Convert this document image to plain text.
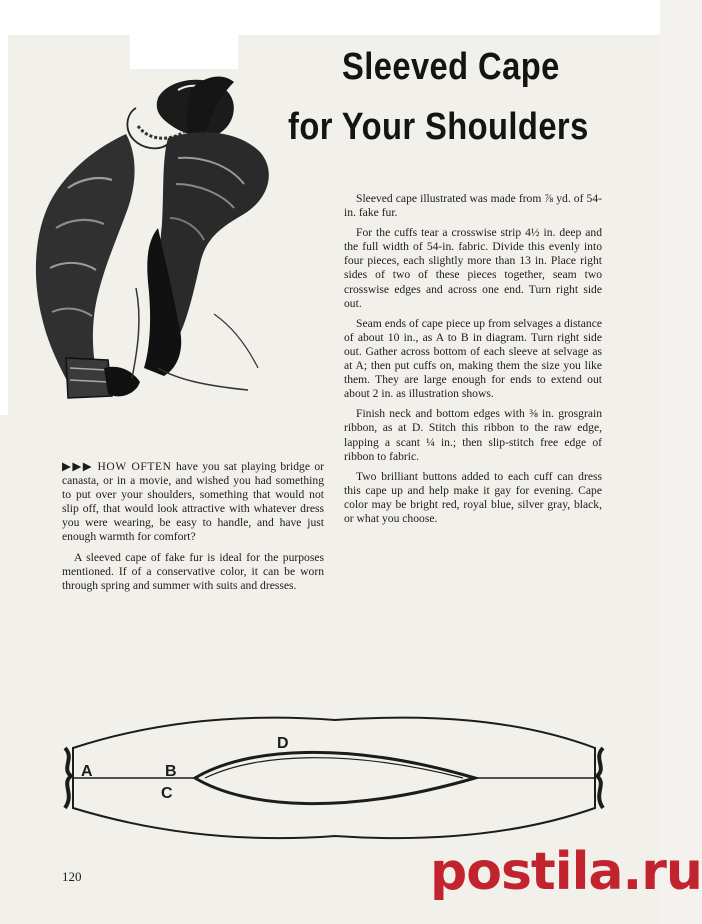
Sleeved Cape
for Your Shoulders

Sleeved cape illustrated was made from ⅞ yd. of 54-in. fake fur.

For the cuffs tear a crosswise strip 4½ in. deep and the full width of 54-in. fabric. Divide this evenly into four pieces, each slightly more than 13 in. Place right sides of two of these pieces together, seam two crosswise edges and across one end. Turn right side out.

Seam ends of cape piece up from selvages a distance of about 10 in., as A to B in diagram. Turn right side out. Gather across bottom of each sleeve at selvage as at A; then put cuffs on, making them the size you like them. They are large enough for ends to extend out about 2 in. as illustration shows.

Finish neck and bottom edges with ⅜ in. grosgrain ribbon, as at D. Stitch this ribbon to the raw edge, lapping a scant ¼ in.; then slip-stitch free edge of ribbon to fabric.

Two brilliant buttons added to each cuff can dress this cape up and help make it gay for evening. Cape color may be bright red, royal blue, silver gray, black, or what you choose.

▶▶▶ HOW OFTEN have you sat playing bridge or canasta, or in a movie, and wished you had something to put over your shoulders, something that would not slip off, that would look attractive with whatever dress you were wearing, be easy to handle, and have just enough warmth for comfort?

A sleeved cape of fake fur is ideal for the purposes mentioned. If of a conservative color, it can be worn through spring and summer with suits and dresses.

A	B
C
D
120	postila.ru
